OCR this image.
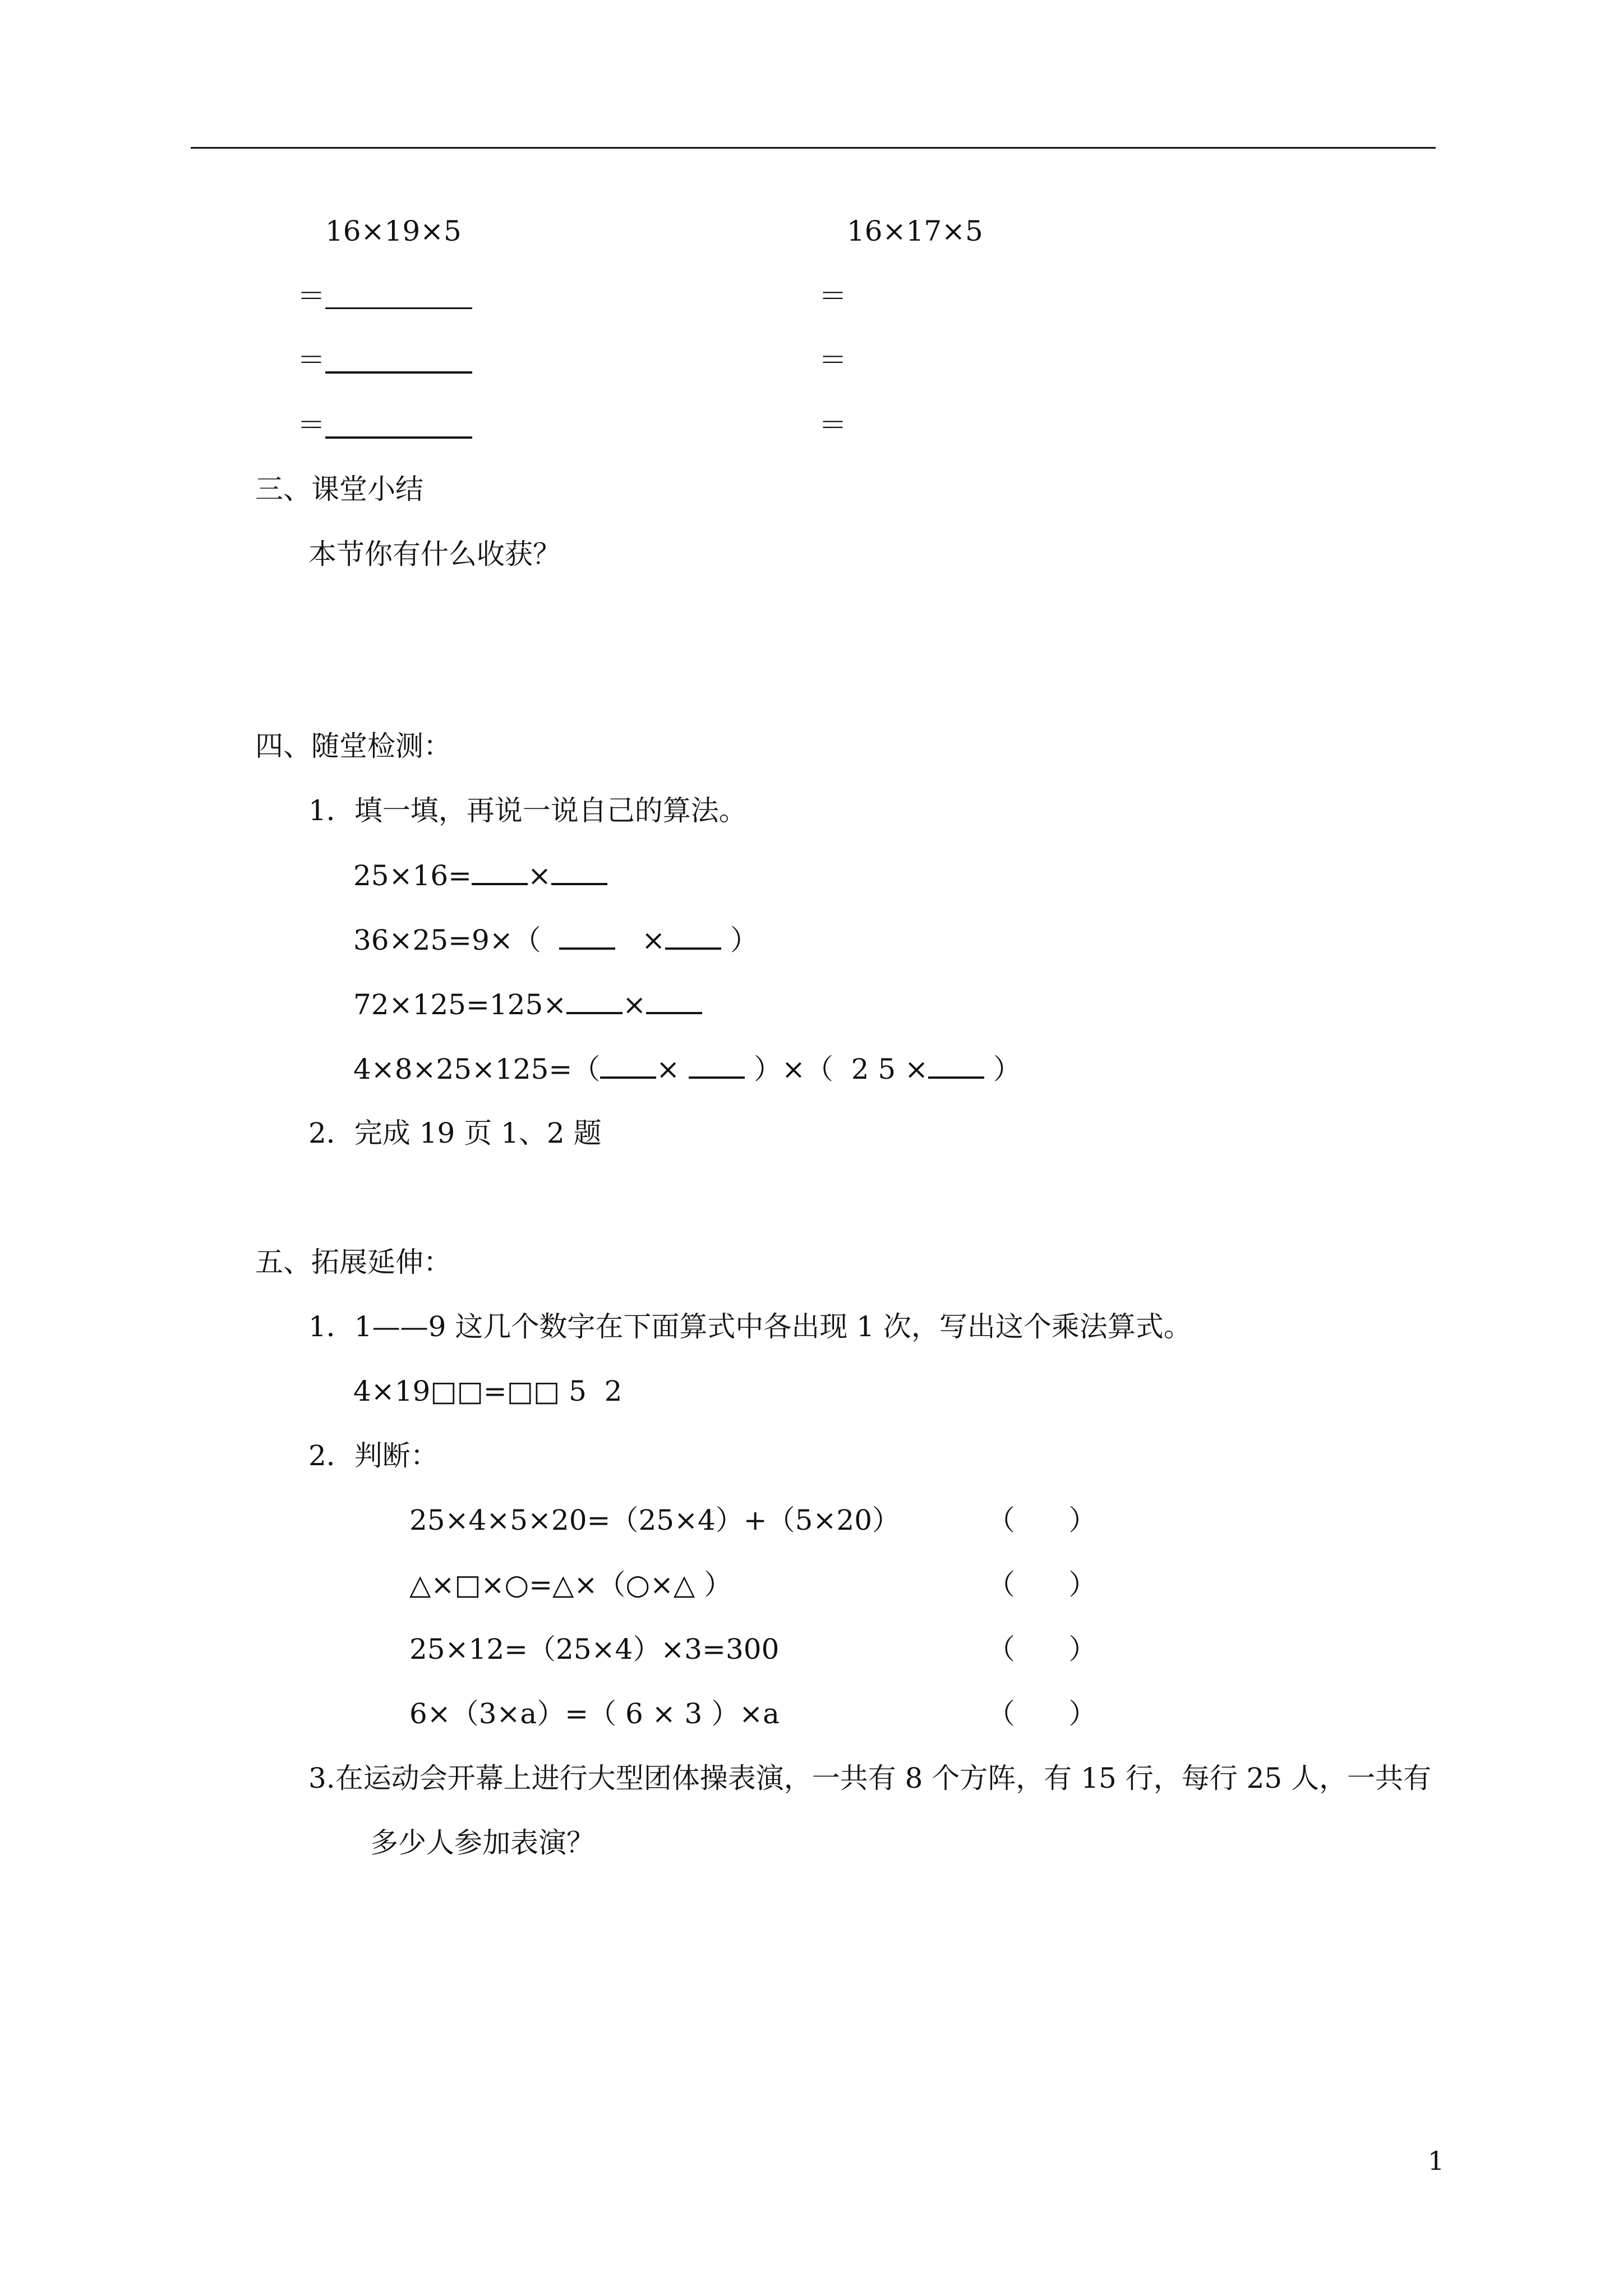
16×19×5	16×17×5
＝	＝
＝	＝
＝	＝
三、课堂小结
本节你有什么收获？
四、随堂检测：
1．填一填，再说一说自己的算法。
25×16= ×
36×25=9×（	× ）
72×125=125× ×
4×8×25×125=（ ×	）×（  2 5 × ）
2．完成 19 页 1、2 题
五、拓展延伸：
1．1——9 这几个数字在下面算式中各出现 1 次，写出这个乘法算式。
4×19□□=□□ 5  2
2．判断：
25×4×5×20=（25×4）+（5×20）	（      ）
△×□×○=△×（○×△ ）	（      ）
25×12=（25×4）×3=300	（      ）
6×（3×a）=（ 6 × 3 ）×a	（      ）
3.在运动会开幕上进行大型团体操表演，一共有 8 个方阵，有 15 行，每行 25 人，一共有
多少人参加表演？
1
